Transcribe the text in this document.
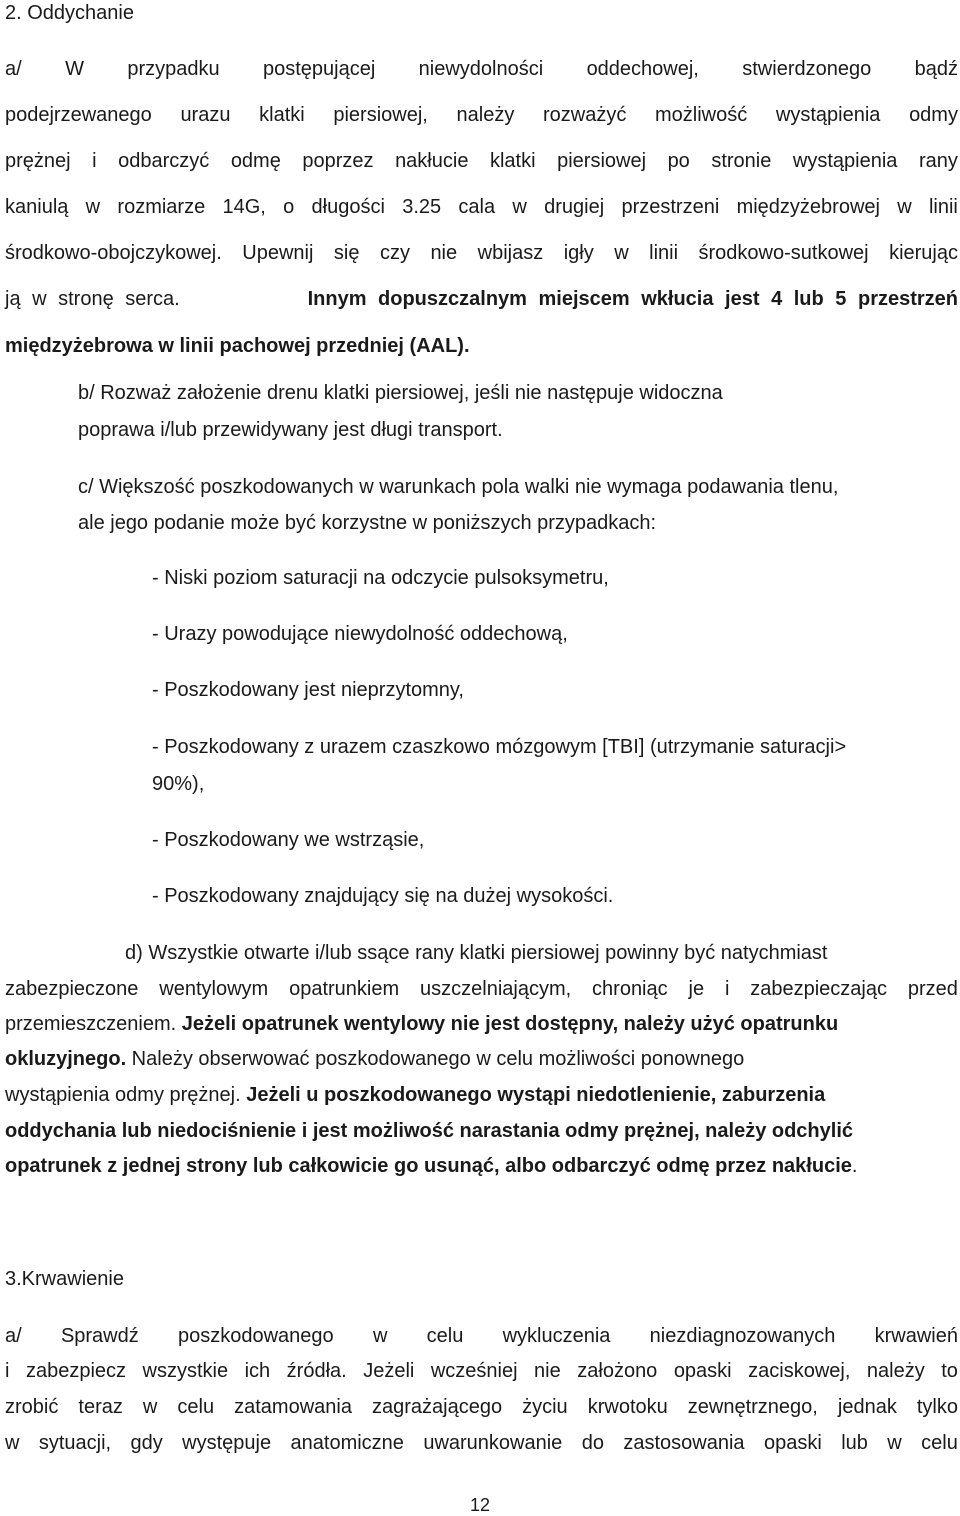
2. Oddychanie
a/ W przypadku postępującej niewydolności oddechowej, stwierdzonego bądź
podejrzewanego urazu klatki piersiowej, należy rozważyć możliwość wystąpienia odmy
prężnej i odbarczyć odmę poprzez nakłucie klatki piersiowej po stronie wystąpienia rany
kaniulą w rozmiarze 14G, o długości 3.25 cala w drugiej przestrzeni międzyżebrowej w linii
środkowo-obojczykowej. Upewnij się czy nie wbijasz igły w linii środkowo-sutkowej kierując
ją w stronę serca.	Innym dopuszczalnym miejscem wkłucia jest 4 lub 5 przestrzeń
międzyżebrowa w linii pachowej przedniej (AAL).
b/ Rozważ założenie drenu klatki piersiowej, jeśli nie następuje widoczna
poprawa i/lub przewidywany jest długi transport.
c/ Większość poszkodowanych w warunkach pola walki nie wymaga podawania tlenu,
ale jego podanie może być korzystne w poniższych przypadkach:
- Niski poziom saturacji na odczycie pulsoksymetru,
- Urazy powodujące niewydolność oddechową,
- Poszkodowany jest nieprzytomny,
- Poszkodowany z urazem czaszkowo mózgowym [TBI] (utrzymanie saturacji>
90%),
- Poszkodowany we wstrząsie,
- Poszkodowany znajdujący się na dużej wysokości.
d) Wszystkie otwarte i/lub ssące rany klatki piersiowej powinny być natychmiast
zabezpieczone wentylowym opatrunkiem uszczelniającym, chroniąc je i zabezpieczając przed
przemieszczeniem. Jeżeli opatrunek wentylowy nie jest dostępny, należy użyć opatrunku
okluzyjnego. Należy obserwować poszkodowanego w celu możliwości ponownego
wystąpienia odmy prężnej. Jeżeli u poszkodowanego wystąpi niedotlenienie, zaburzenia
oddychania lub niedociśnienie i jest możliwość narastania odmy prężnej, należy odchylić
opatrunek z jednej strony lub całkowicie go usunąć, albo odbarczyć odmę przez nakłucie.
3.Krwawienie
a/ Sprawdź poszkodowanego w celu wykluczenia niezdiagnozowanych krwawień
i zabezpiecz wszystkie ich źródła. Jeżeli wcześniej nie założono opaski zaciskowej, należy to
zrobić teraz w celu zatamowania zagrażającego życiu krwotoku zewnętrznego, jednak tylko
w sytuacji, gdy występuje anatomiczne uwarunkowanie do zastosowania opaski lub w celu
12
